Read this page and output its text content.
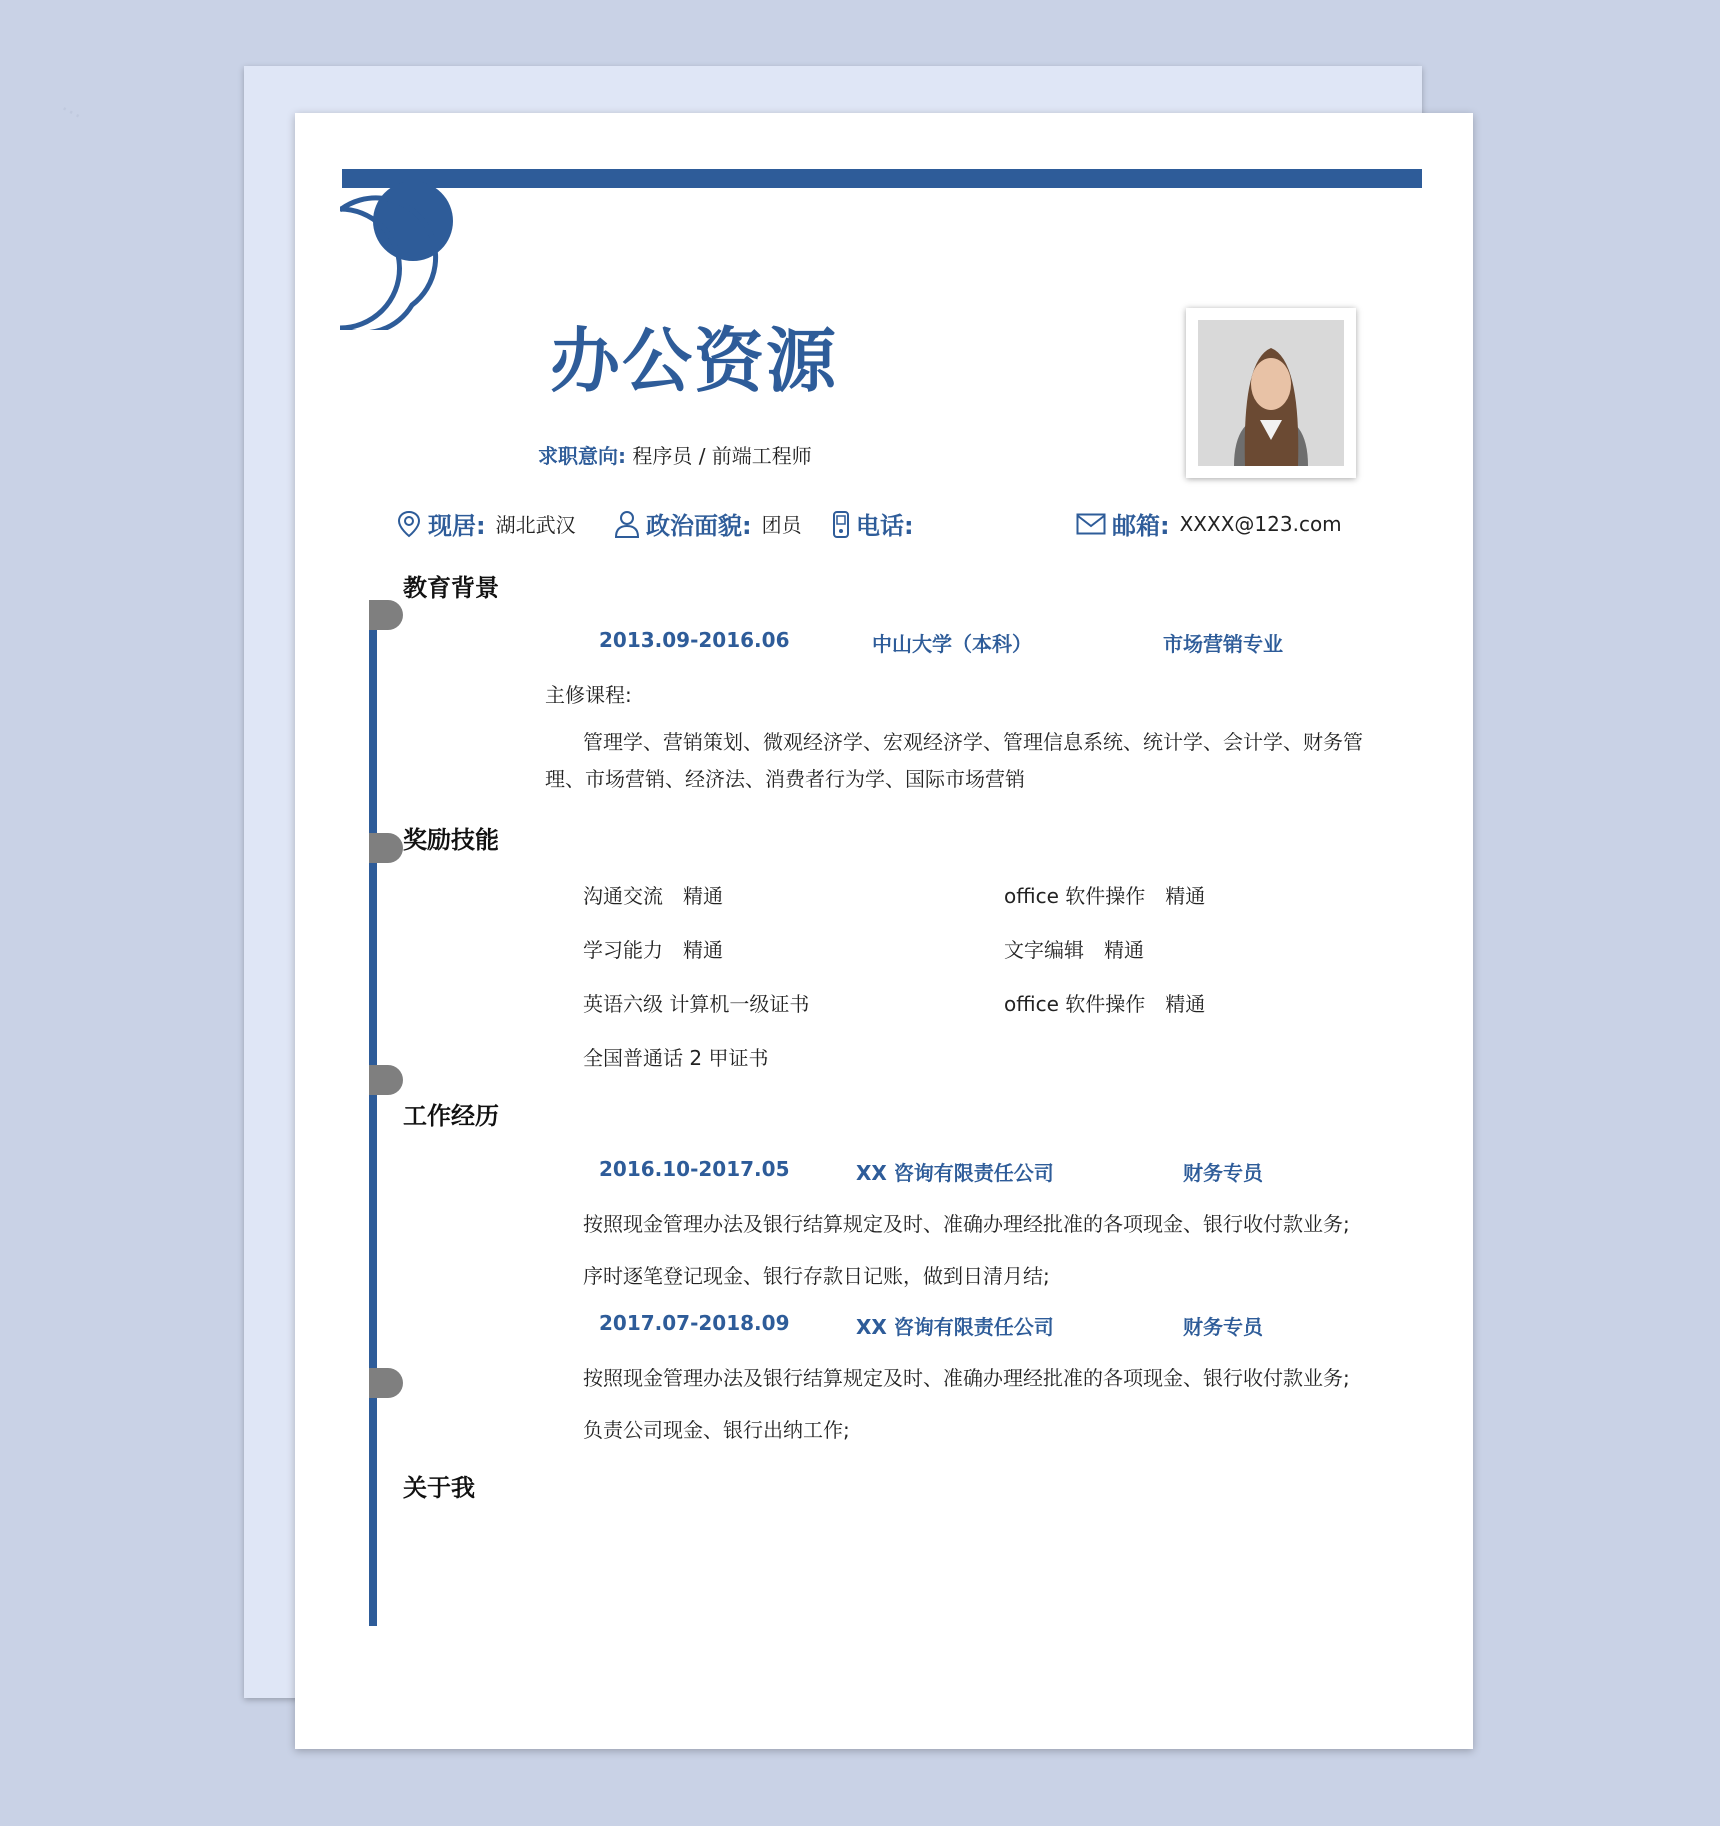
⋯
办公资源
求职意向: 程序员 / 前端工程师
现居: 湖北武汉	政治面貌: 团员 电话:	邮箱: XXXX@123.com
教育背景
2013.09-2016.06	中山大学（本科）	市场营销专业
主修课程:
管理学、营销策划、微观经济学、宏观经济学、管理信息系统、统计学、会计学、财务管
理、市场营销、经济法、消费者行为学、国际市场营销
奖励技能
沟通交流　精通	office 软件操作　精通
学习能力　精通	文字编辑　精通
英语六级 计算机一级证书	office 软件操作　精通
全国普通话 2 甲证书
工作经历
2016.10-2017.05	XX 咨询有限责任公司	财务专员
按照现金管理办法及银行结算规定及时、准确办理经批准的各项现金、银行收付款业务;
序时逐笔登记现金、银行存款日记账，做到日清月结;
2017.07-2018.09	XX 咨询有限责任公司	财务专员
按照现金管理办法及银行结算规定及时、准确办理经批准的各项现金、银行收付款业务;
负责公司现金、银行出纳工作;
关于我
